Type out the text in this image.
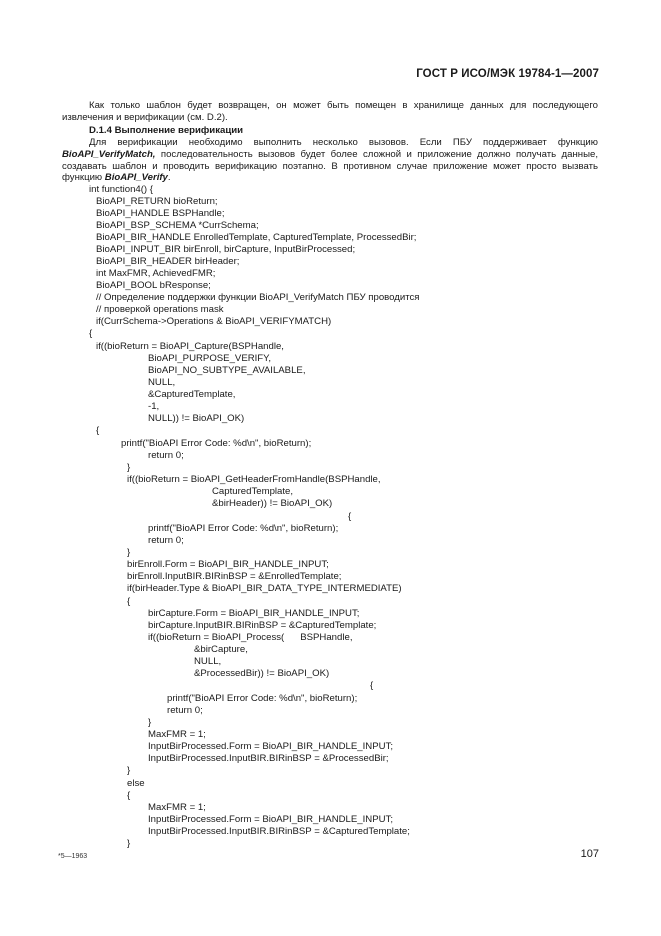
ГОСТ Р ИСО/МЭК 19784-1—2007
Как только шаблон будет возвращен, он может быть помещен в хранилище данных для последующего извлечения и верификации (см. D.2).
D.1.4 Выполнение верификации
Для верификации необходимо выполнить несколько вызовов. Если ПБУ поддерживает функцию BioAPI_VerifyMatch, последовательность вызовов будет более сложной и приложение должно получать данные, создавать шаблон и проводить верификацию поэтапно. В противном случае приложение может просто вызвать функцию BioAPI_Verify.
int function4() {
BioAPI_RETURN bioReturn;
BioAPI_HANDLE BSPHandle;
BioAPI_BSP_SCHEMA *CurrSchema;
BioAPI_BIR_HANDLE EnrolledTemplate, CapturedTemplate, ProcessedBir;
BioAPI_INPUT_BIR birEnroll, birCapture, InputBirProcessed;
BioAPI_BIR_HEADER birHeader;
int MaxFMR, AchievedFMR;
BioAPI_BOOL bResponse;
// Определение поддержки функции BioAPI_VerifyMatch ПБУ проводится
// проверкой operations mask
if(CurrSchema->Operations & BioAPI_VERIFYMATCH)
{
if((bioReturn = BioAPI_Capture(BSPHandle,
BioAPI_PURPOSE_VERIFY,
BioAPI_NO_SUBTYPE_AVAILABLE,
NULL,
&CapturedTemplate,
-1,
NULL)) != BioAPI_OK)
{
printf("BioAPI Error Code: %d\n", bioReturn);
return 0;
}
if((bioReturn = BioAPI_GetHeaderFromHandle(BSPHandle,
CapturedTemplate,
&birHeader)) != BioAPI_OK)
{
printf("BioAPI Error Code: %d\n", bioReturn);
return 0;
}
birEnroll.Form = BioAPI_BIR_HANDLE_INPUT;
birEnroll.InputBIR.BIRinBSP = &EnrolledTemplate;
if(birHeader.Type & BioAPI_BIR_DATA_TYPE_INTERMEDIATE)
{
birCapture.Form = BioAPI_BIR_HANDLE_INPUT;
birCapture.InputBIR.BIRinBSP = &CapturedTemplate;
if((bioReturn = BioAPI_Process(      BSPHandle,
&birCapture,
NULL,
&ProcessedBir)) != BioAPI_OK)
{
printf("BioAPI Error Code: %d\n", bioReturn);
return 0;
}
MaxFMR = 1;
InputBirProcessed.Form = BioAPI_BIR_HANDLE_INPUT;
InputBirProcessed.InputBIR.BIRinBSP = &ProcessedBir;
}
else
{
MaxFMR = 1;
InputBirProcessed.Form = BioAPI_BIR_HANDLE_INPUT;
InputBirProcessed.InputBIR.BIRinBSP = &CapturedTemplate;
}
*5—1963	107
